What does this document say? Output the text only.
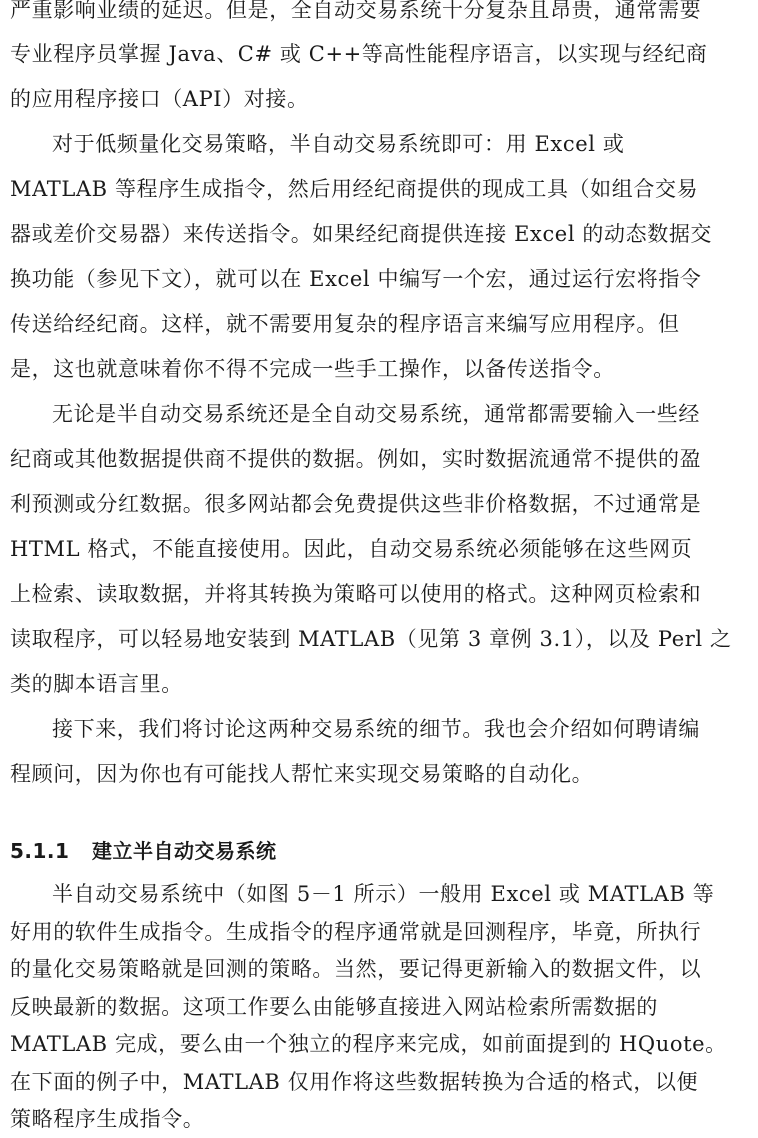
严重影响业绩的延迟。但是，全自动交易系统十分复杂且昂贵，通常需要
专业程序员掌握 Java、C# 或 C++等高性能程序语言，以实现与经纪商
的应用程序接口（API）对接。
对于低频量化交易策略，半自动交易系统即可：用 Excel 或
MATLAB 等程序生成指令，然后用经纪商提供的现成工具（如组合交易
器或差价交易器）来传送指令。如果经纪商提供连接 Excel 的动态数据交
换功能（参见下文），就可以在 Excel 中编写一个宏，通过运行宏将指令
传送给经纪商。这样，就不需要用复杂的程序语言来编写应用程序。但
是，这也就意味着你不得不完成一些手工操作，以备传送指令。
无论是半自动交易系统还是全自动交易系统，通常都需要输入一些经
纪商或其他数据提供商不提供的数据。例如，实时数据流通常不提供的盈
利预测或分红数据。很多网站都会免费提供这些非价格数据，不过通常是
HTML 格式，不能直接使用。因此，自动交易系统必须能够在这些网页
上检索、读取数据，并将其转换为策略可以使用的格式。这种网页检索和
读取程序，可以轻易地安装到 MATLAB（见第 3 章例 3.1），以及 Perl 之
类的脚本语言里。
接下来，我们将讨论这两种交易系统的细节。我也会介绍如何聘请编
程顾问，因为你也有可能找人帮忙来实现交易策略的自动化。
5.1.1 建立半自动交易系统
半自动交易系统中（如图 5－1 所示）一般用 Excel 或 MATLAB 等
好用的软件生成指令。生成指令的程序通常就是回测程序，毕竟，所执行
的量化交易策略就是回测的策略。当然，要记得更新输入的数据文件，以
反映最新的数据。这项工作要么由能够直接进入网站检索所需数据的
MATLAB 完成，要么由一个独立的程序来完成，如前面提到的 HQuote。
在下面的例子中，MATLAB 仅用作将这些数据转换为合适的格式，以便
策略程序生成指令。
